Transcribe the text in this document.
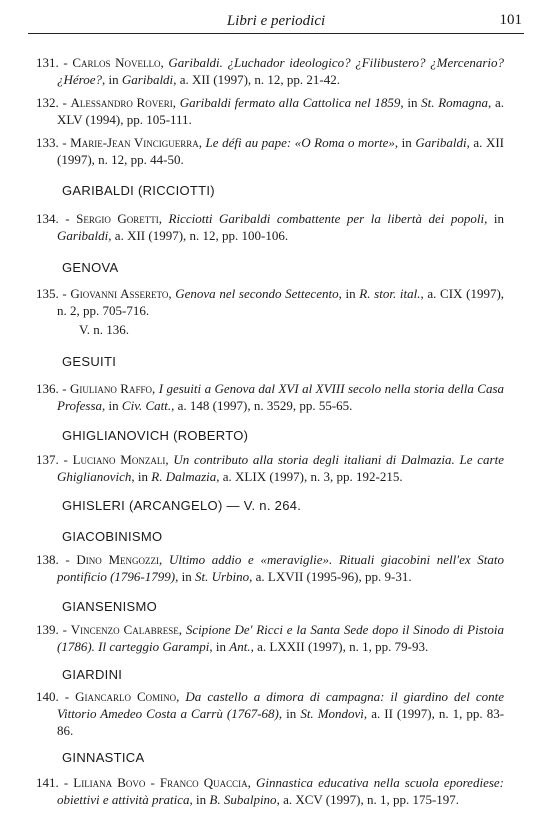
Libri e periodici	101
131. - Carlos Novello, Garibaldi. ¿Luchador ideologico? ¿Filibustero? ¿Mercenario? ¿Héroe?, in Garibaldi, a. XII (1997), n. 12, pp. 21-42.
132. - Alessandro Roveri, Garibaldi fermato alla Cattolica nel 1859, in St. Romagna, a. XLV (1994), pp. 105-111.
133. - Marie-Jean Vinciguerra, Le défi au pape: «O Roma o morte», in Garibaldi, a. XII (1997), n. 12, pp. 44-50.
GARIBALDI (RICCIOTTI)
134. - Sergio Goretti, Ricciotti Garibaldi combattente per la libertà dei popoli, in Garibaldi, a. XII (1997), n. 12, pp. 100-106.
GENOVA
135. - Giovanni Assereto, Genova nel secondo Settecento, in R. stor. ital., a. CIX (1997), n. 2, pp. 705-716.
V. n. 136.
GESUITI
136. - Giuliano Raffo, I gesuiti a Genova dal XVI al XVIII secolo nella storia della Casa Professa, in Civ. Catt., a. 148 (1997), n. 3529, pp. 55-65.
GHIGLIANOVICH (ROBERTO)
137. - Luciano Monzali, Un contributo alla storia degli italiani di Dalmazia. Le carte Ghiglianovich, in R. Dalmazia, a. XLIX (1997), n. 3, pp. 192-215.
GHISLERI (ARCANGELO) — V. n. 264.
GIACOBINISMO
138. - Dino Mengozzi, Ultimo addio e «meraviglie». Rituali giacobini nell'ex Stato pontificio (1796-1799), in St. Urbino, a. LXVII (1995-96), pp. 9-31.
GIANSENISMO
139. - Vincenzo Calabrese, Scipione De' Ricci e la Santa Sede dopo il Sinodo di Pistoia (1786). Il carteggio Garampi, in Ant., a. LXXII (1997), n. 1, pp. 79-93.
GIARDINI
140. - Giancarlo Comino, Da castello a dimora di campagna: il giardino del conte Vittorio Amedeo Costa a Carrù (1767-68), in St. Mondovì, a. II (1997), n. 1, pp. 83-86.
GINNASTICA
141. - Liliana Bovo - Franco Quaccia, Ginnastica educativa nella scuola eporediese: obiettivi e attività pratica, in B. Subalpino, a. XCV (1997), n. 1, pp. 175-197.
